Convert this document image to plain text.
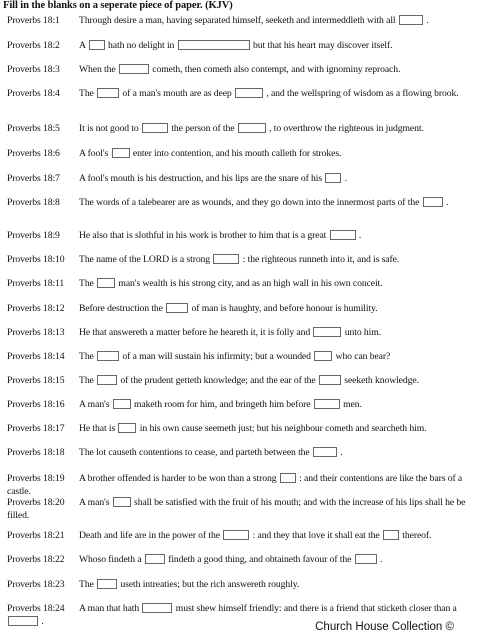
Fill in the blanks on a seperate piece of paper. (KJV)
Proverbs 18:1 Through desire a man, having separated himself, seeketh and intermeddleth with all	.
Proverbs 18:2 A hath no delight in	but that his heart may discover itself.
Proverbs 18:3 When the	cometh, then cometh also contempt, and with ignominy reproach.
Proverbs 18:4 The	of a man's mouth are as deep	, and the wellspring of wisdom as a flowing brook.
Proverbs 18:5 It is not good to	the person of the	, to overthrow the righteous in judgment.
Proverbs 18:6 A fool's	enter into contention, and his mouth calleth for strokes.
Proverbs 18:7 A fool's mouth is his destruction, and his lips are the snare of his .
Proverbs 18:8 The words of a talebearer are as wounds, and they go down into the innermost parts of the	.
Proverbs 18:9 He also that is slothful in his work is brother to him that is a great	.
Proverbs 18:10 The name of the LORD is a strong	: the righteous runneth into it, and is safe.
Proverbs 18:11 The	man's wealth is his strong city, and as an high wall in his own conceit.
Proverbs 18:12 Before destruction the	of man is haughty, and before honour is humility.
Proverbs 18:13 He that answereth a matter before he heareth it, it is folly and	unto him.
Proverbs 18:14 The	of a man will sustain his infirmity; but a wounded	who can bear?
Proverbs 18:15 The	of the prudent getteth knowledge; and the ear of the	seeketh knowledge.
Proverbs 18:16 A man's	maketh room for him, and bringeth him before	men.
Proverbs 18:17 He that is	in his own cause seemeth just; but his neighbour cometh and searcheth him.
Proverbs 18:18 The lot causeth contentions to cease, and parteth between the	.
Proverbs 18:19 A brother offended is harder to be won than a strong : and their contentions are like the bars of a castle.
Proverbs 18:20 A man's	shall be satisfied with the fruit of his mouth; and with the increase of his lips shall he be filled.
Proverbs 18:21 Death and life are in the power of the	: and they that love it shall eat the thereof.
Proverbs 18:22 Whoso findeth a	findeth a good thing, and obtaineth favour of the	.
Proverbs 18:23 The	useth intreaties; but the rich answereth roughly.
Proverbs 18:24 A man that hath	must shew himself friendly: and there is a friend that sticketh closer than a  .	Church House Collection ©
